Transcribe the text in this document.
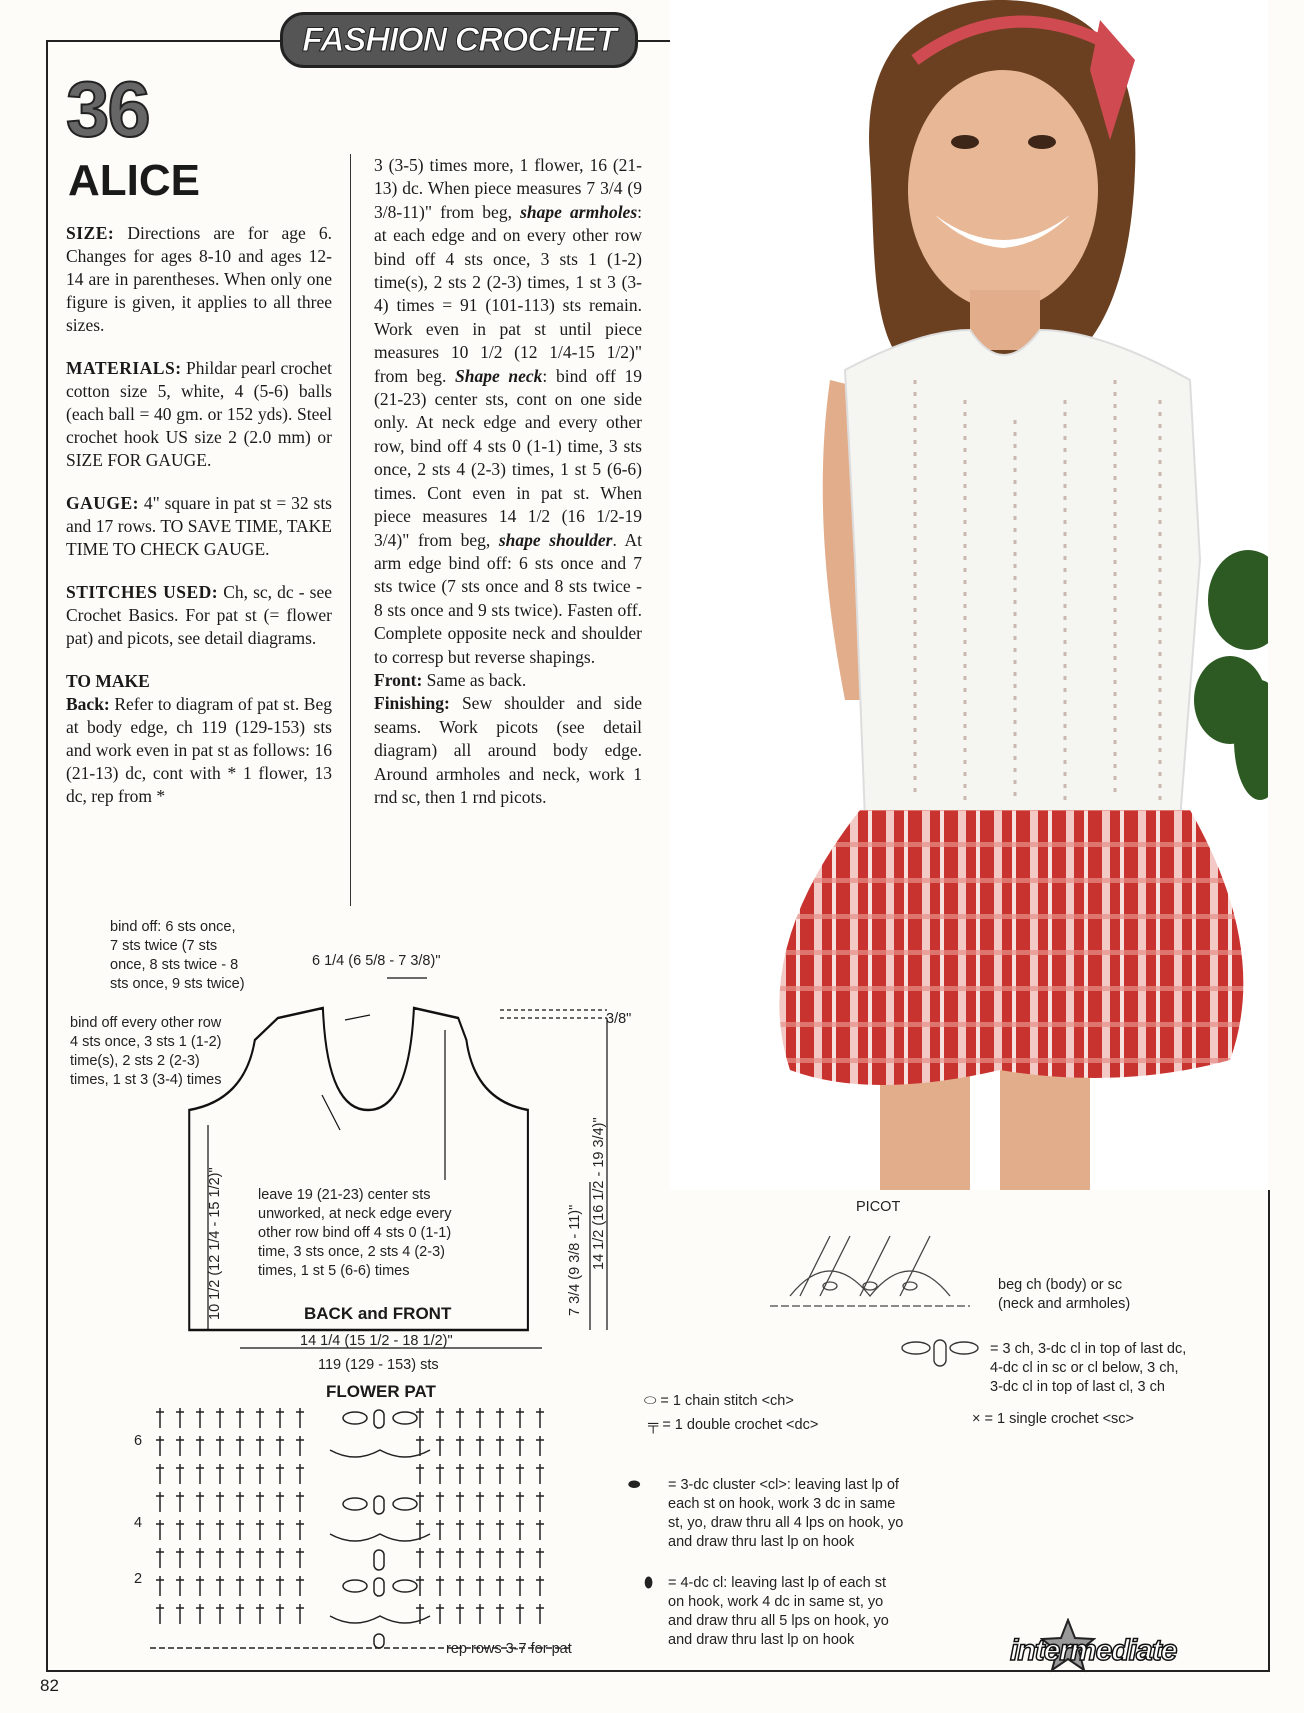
FASHION CROCHET
36
ALICE

SIZE: Directions are for age 6. Changes for ages 8-10 and ages 12-14 are in parentheses. When only one figure is given, it applies to all three sizes.

MATERIALS: Phildar pearl crochet cotton size 5, white, 4 (5-6) balls (each ball = 40 gm. or 152 yds). Steel crochet hook US size 2 (2.0 mm) or SIZE FOR GAUGE.

GAUGE: 4" square in pat st = 32 sts and 17 rows. TO SAVE TIME, TAKE TIME TO CHECK GAUGE.

STITCHES USED: Ch, sc, dc - see Crochet Basics. For pat st (= flower pat) and picots, see detail diagrams.

TO MAKE

Back: Refer to diagram of pat st. Beg at body edge, ch 119 (129-153) sts and work even in pat st as follows: 16 (21-13) dc, cont with * 1 flower, 13 dc, rep from *

3 (3-5) times more, 1 flower, 16 (21-13) dc. When piece measures 7 3/4 (9 3/8-11)" from beg, shape armholes: at each edge and on every other row bind off 4 sts once, 3 sts 1 (1-2) time(s), 2 sts 2 (2-3) times, 1 st 3 (3-4) times = 91 (101-113) sts remain. Work even in pat st until piece measures 10 1/2 (12 1/4-15 1/2)" from beg. Shape neck: bind off 19 (21-23) center sts, cont on one side only. At neck edge and every other row, bind off 4 sts 0 (1-1) time, 3 sts once, 2 sts 4 (2-3) times, 1 st 5 (6-6) times. Cont even in pat st. When piece measures 14 1/2 (16 1/2-19 3/4)" from beg, shape shoulder. At arm edge bind off: 6 sts once and 7 sts twice (7 sts once and 8 sts twice - 8 sts once and 9 sts twice). Fasten off. Complete opposite neck and shoulder to corresp but reverse shapings.

Front: Same as back.

Finishing: Sew shoulder and side seams. Work picots (see detail diagram) all around body edge. Around armholes and neck, work 1 rnd sc, then 1 rnd picots.

bind off: 6 sts once,
7 sts twice (7 sts
once, 8 sts twice - 8
sts once, 9 sts twice)
6 1/4 (6 5/8 - 7 3/8)"
3/8"
bind off every other row
4 sts once, 3 sts 1 (1-2)
time(s), 2 sts 2 (2-3)
times, 1 st 3 (3-4) times
leave 19 (21-23) center sts
unworked, at neck edge every
other row bind off 4 sts 0 (1-1)
time, 3 sts once, 2 sts 4 (2-3)
times, 1 st 5 (6-6) times
BACK and FRONT
14 1/4 (15 1/2 - 18 1/2)"
119 (129 - 153) sts
10 1/2 (12 1/4 - 15 1/2)"	7 3/4 (9 3/8 - 11)" 14 1/2 (16 1/2 - 19 3/4)"
FLOWER PAT
6
4
2
rep rows 3-7 for pat
PICOT
beg ch (body) or sc
(neck and armholes)
= 3 ch, 3-dc cl in top of last dc,
4-dc cl in sc or cl below, 3 ch,
3-dc cl in top of last cl, 3 ch
⬭ = 1 chain stitch <ch>
╤ = 1 double crochet <dc>	× = 1 single crochet <sc>
⬬ = 3-dc cluster <cl>: leaving last lp of
each st on hook, work 3 dc in same
st, yo, draw thru all 4 lps on hook, yo
and draw thru last lp on hook
⬮ = 4-dc cl: leaving last lp of each st
on hook, work 4 dc in same st, yo
and draw thru all 5 lps on hook, yo
and draw thru last lp on hook
82
intermediate
